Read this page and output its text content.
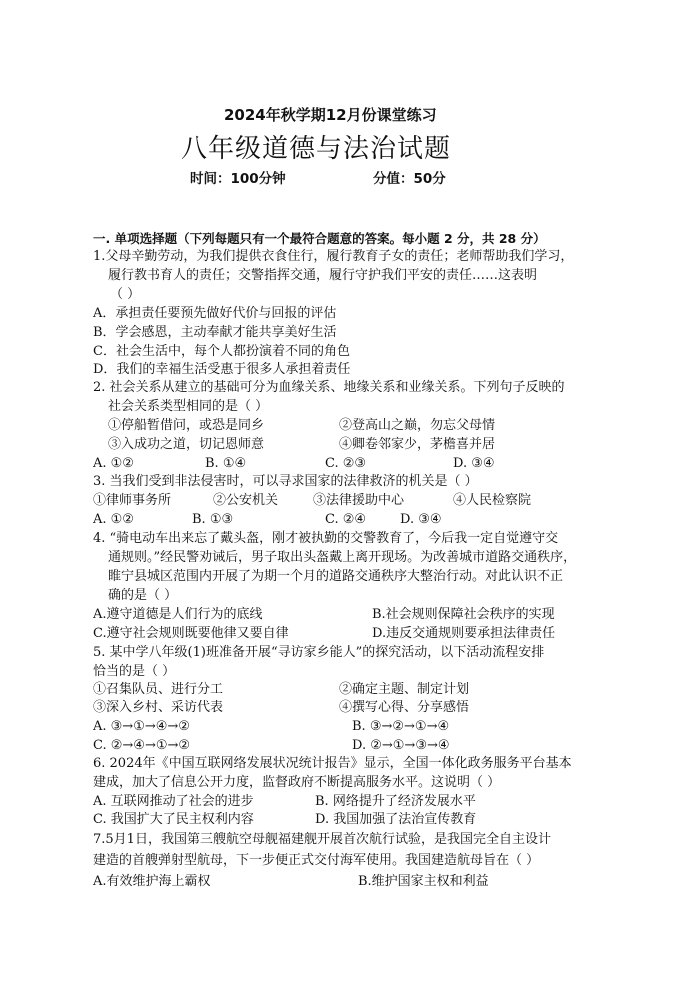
2024年秋学期12月份课堂练习
八年级道德与法治试题
时间：100分钟	分值：50分
一. 单项选择题（下列每题只有一个最符合题意的答案。每小题 2 分，共 28 分）
1.父母辛勤劳动，为我们提供衣食住行，履行教育子女的责任；老师帮助我们学习，
履行教书育人的责任；交警指挥交通，履行守护我们平安的责任……这表明
（ ）
A．承担责任要预先做好代价与回报的评估
B．学会感恩，主动奉献才能共享美好生活
C．社会生活中，每个人都扮演着不同的角色
D．我们的幸福生活受惠于很多人承担着责任
2. 社会关系从建立的基础可分为血缘关系、地缘关系和业缘关系。下列句子反映的
社会关系类型相同的是（ ）
①停船暂借问，或恐是同乡	②登高山之巅，勿忘父母情
③入成功之道，切记恩师意	④卿卷邻家少，茅檐喜并居
A. ①②	B. ①④	C. ②③	D. ③④
3. 当我们受到非法侵害时，可以寻求国家的法律救济的机关是（ ）
①律师事务所	②公安机关	③法律援助中心	④人民检察院
A. ①②	B. ①③	C. ②④	D. ③④
4. “骑电动车出来忘了戴头盔，刚才被执勤的交警教育了，今后我一定自觉遵守交
通规则。”经民警劝诫后，男子取出头盔戴上离开现场。为改善城市道路交通秩序，
睢宁县城区范围内开展了为期一个月的道路交通秩序大整治行动。对此认识不正
确的是（ ）
A.遵守道德是人们行为的底线	B.社会规则保障社会秩序的实现
C.遵守社会规则既要他律又要自律	D.违反交通规则要承担法律责任
5. 某中学八年级(1)班准备开展“寻访家乡能人”的探究活动，以下活动流程安排
恰当的是（ ）
①召集队员、进行分工	②确定主题、制定计划
③深入乡村、采访代表	④撰写心得、分享感悟
A. ③→①→④→②	B. ③→②→①→④
C. ②→④→①→②	D. ②→①→③→④
6. 2024年《中国互联网络发展状况统计报告》显示，全国一体化政务服务平台基本
建成，加大了信息公开力度，监督政府不断提高服务水平。这说明（ ）
A. 互联网推动了社会的进步	B. 网络提升了经济发展水平
C. 我国扩大了民主权利内容	D. 我国加强了法治宣传教育
7.5月1日，我国第三艘航空母舰福建舰开展首次航行试验，是我国完全自主设计
建造的首艘弹射型航母，下一步便正式交付海军使用。我国建造航母旨在（ ）
A.有效维护海上霸权	B.维护国家主权和利益
